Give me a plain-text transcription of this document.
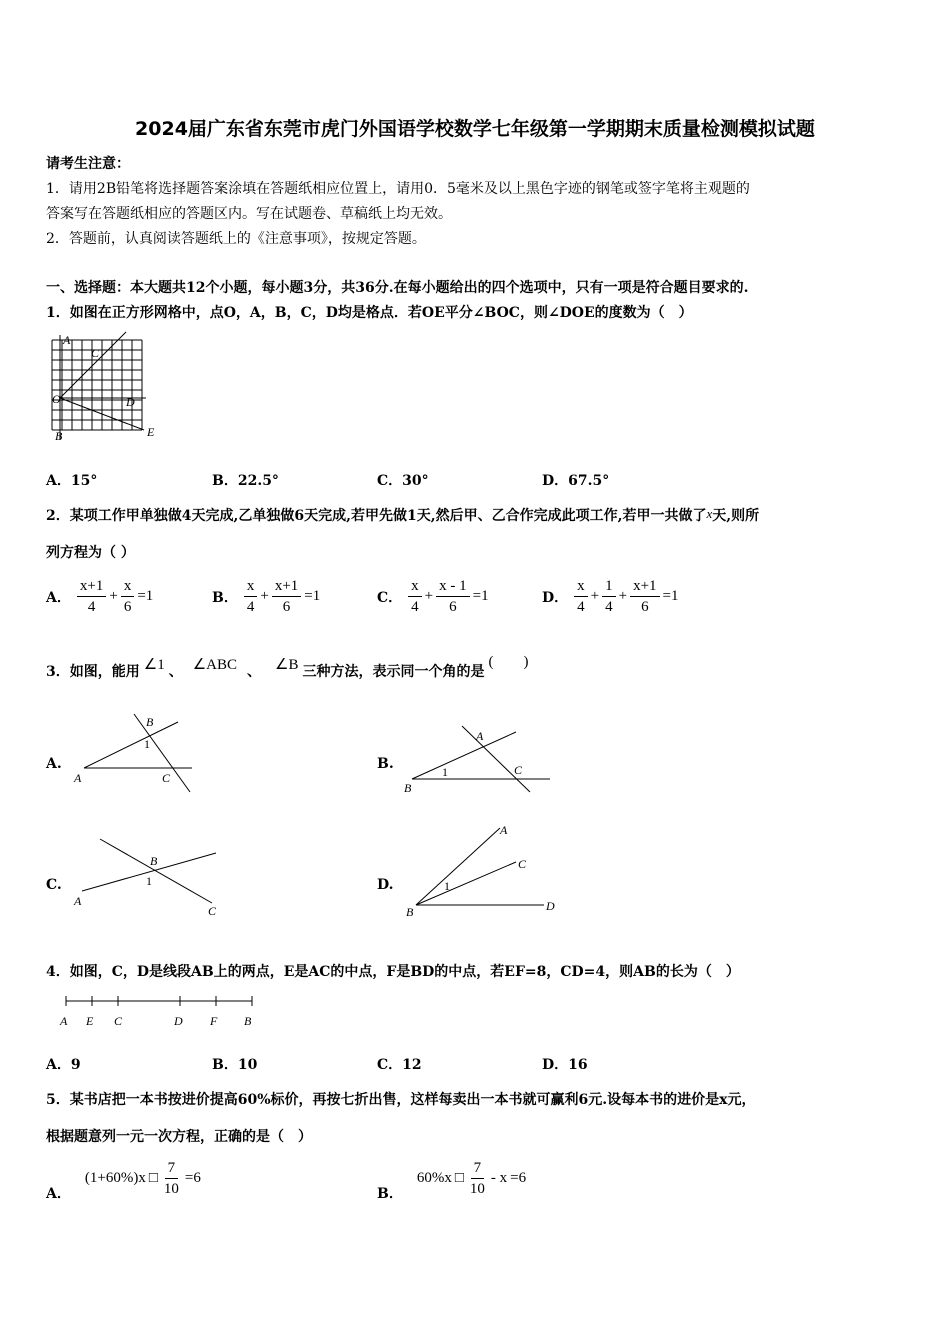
2024届广东省东莞市虎门外国语学校数学七年级第一学期期末质量检测模拟试题
请考生注意：
1．请用2B铅笔将选择题答案涂填在答题纸相应位置上，请用0．5毫米及以上黑色字迹的钢笔或签字笔将主观题的
答案写在答题纸相应的答题区内。写在试题卷、草稿纸上均无效。
2．答题前，认真阅读答题纸上的《注意事项》，按规定答题。
一、选择题：本大题共12个小题，每小题3分，共36分.在每小题给出的四个选项中，只有一项是符合题目要求的.
1．如图在正方形网格中，点O，A，B，C，D均是格点．若OE平分∠BOC，则∠DOE的度数为（　）
A
C
O	D
B	E
A．15°	B．22.5°	C．30°	D．67.5°
2．某项工作甲单独做4天完成,乙单独做6天完成,若甲先做1天,然后甲、乙合作完成此项工作,若甲一共做了x天,则所
列方程为（ ）
A． $\frac{x+1}{4} + \frac{x}{6} =1$	B． $\frac{x}{4} + \frac{x+1}{6} =1$	C． $\frac{x}{4} + \frac{x - 1}{6} =1$	D． $\frac{x}{4} + \frac{1}{4} + \frac{x+1}{6} =1$
3．如图，能用 ∠1 、 ∠ABC 、 ∠B 三种方法，表示同一个角的是
(　　)
A.
B
1
A	C
B.
A
1	C
B
C.
B
1
A
C
D.
A
C
1
B	D
4．如图，C，D是线段AB上的两点，E是AC的中点，F是BD的中点，若EF=8，CD=4，则AB的长为（　）
A E C	D F B
A．9	B．10	C．12	D．16
5．某书店把一本书按进价提高60%标价，再按七折出售，这样每卖出一本书就可赢利6元.设每本书的进价是x元，
根据题意列一元一次方程，正确的是（　）
A．
(1+60%)x □ $\frac{7}{10} =6$
B．
60%x □ $\frac{7}{10} - x =6$
